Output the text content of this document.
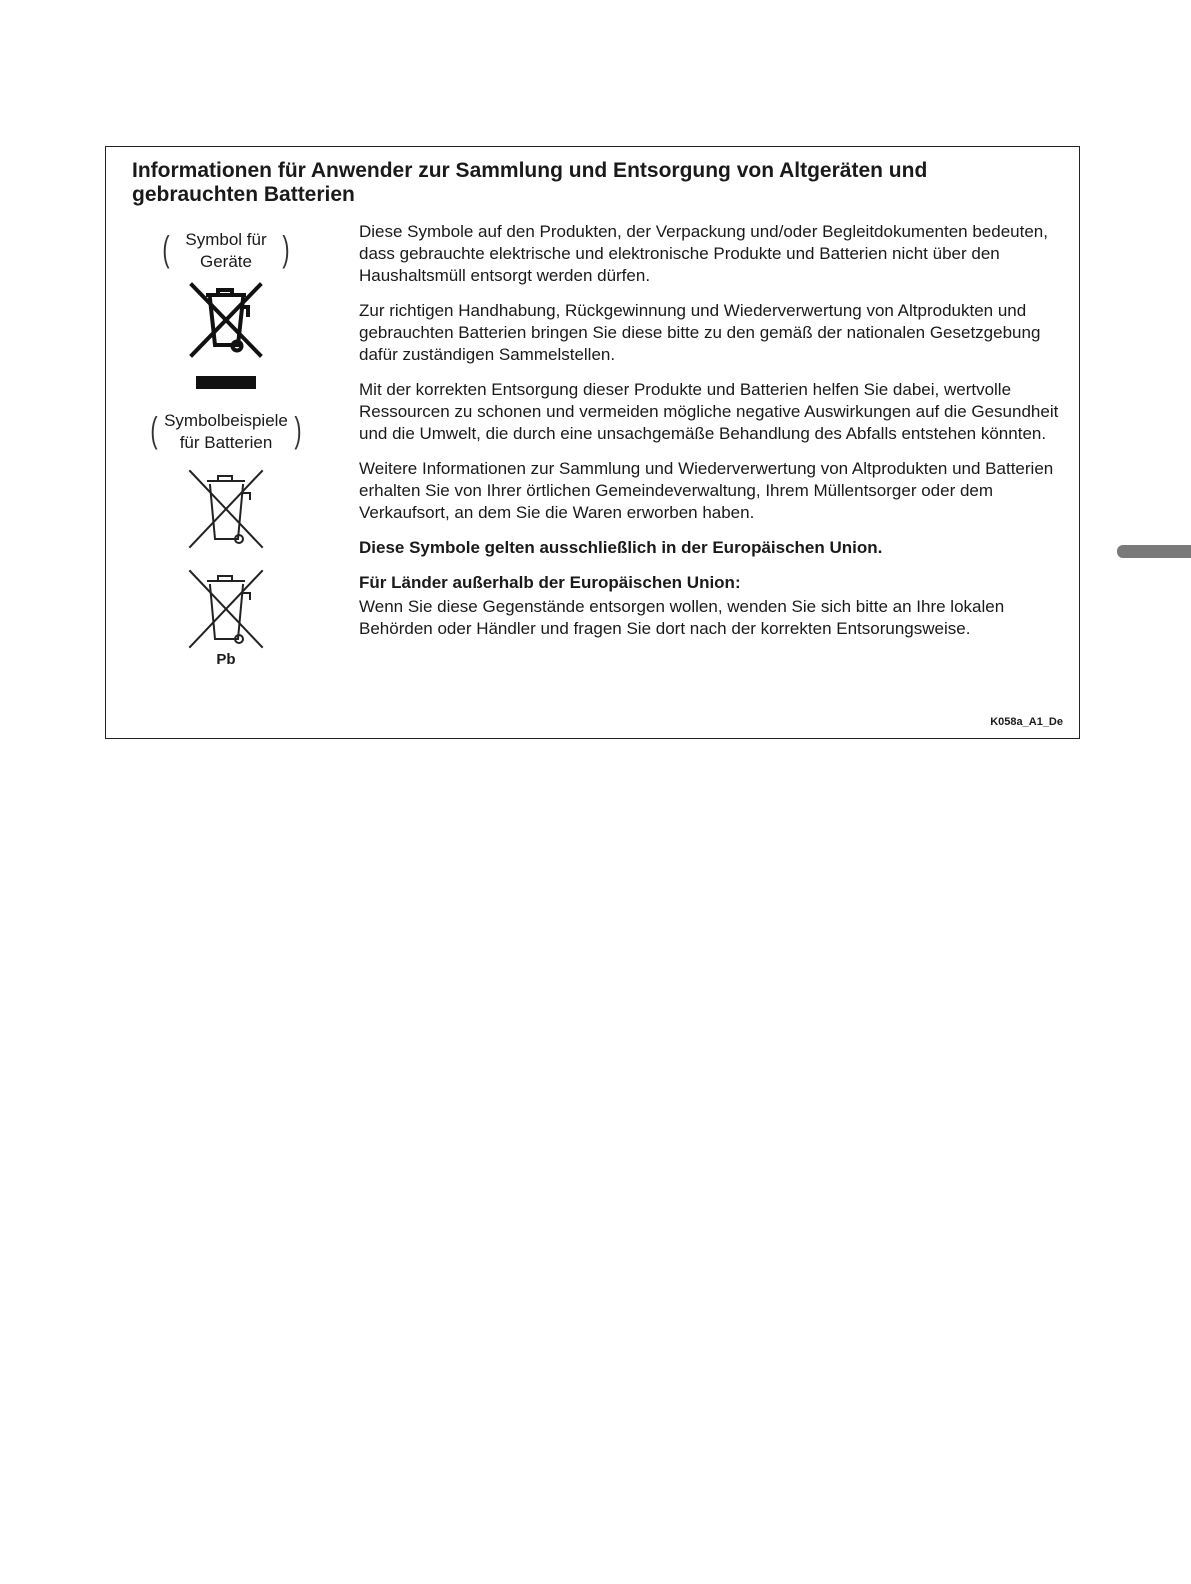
Informationen für Anwender zur Sammlung und Entsorgung von Altgeräten und gebrauchten Batterien
( Symbol für
Geräte )
( Symbolbeispiele
für Batterien )
Pb

Diese Symbole auf den Produkten, der Verpackung und/oder Begleitdokumenten bedeuten, dass gebrauchte elektrische und elektronische Produkte und Batterien nicht über den Haushaltsmüll entsorgt werden dürfen.

Zur richtigen Handhabung, Rückgewinnung und Wiederverwertung von Altprodukten und gebrauchten Batterien bringen Sie diese bitte zu den gemäß der nationalen Gesetzgebung dafür zuständigen Sammelstellen.

Mit der korrekten Entsorgung dieser Produkte und Batterien helfen Sie dabei, wertvolle Ressourcen zu schonen und vermeiden mögliche negative Auswirkungen auf die Gesundheit und die Umwelt, die durch eine unsachgemäße Behandlung des Abfalls entstehen könnten.

Weitere Informationen zur Sammlung und Wiederverwertung von Altprodukten und Batterien erhalten Sie von Ihrer örtlichen Gemeindeverwaltung, Ihrem Müllentsorger oder dem Verkaufsort, an dem Sie die Waren erworben haben.

Diese Symbole gelten ausschließlich in der Europäischen Union.

Für Länder außerhalb der Europäischen Union:

Wenn Sie diese Gegenstände entsorgen wollen, wenden Sie sich bitte an Ihre lokalen Behörden oder Händler und fragen Sie dort nach der korrekten Entsorungsweise.

K058a_A1_De
